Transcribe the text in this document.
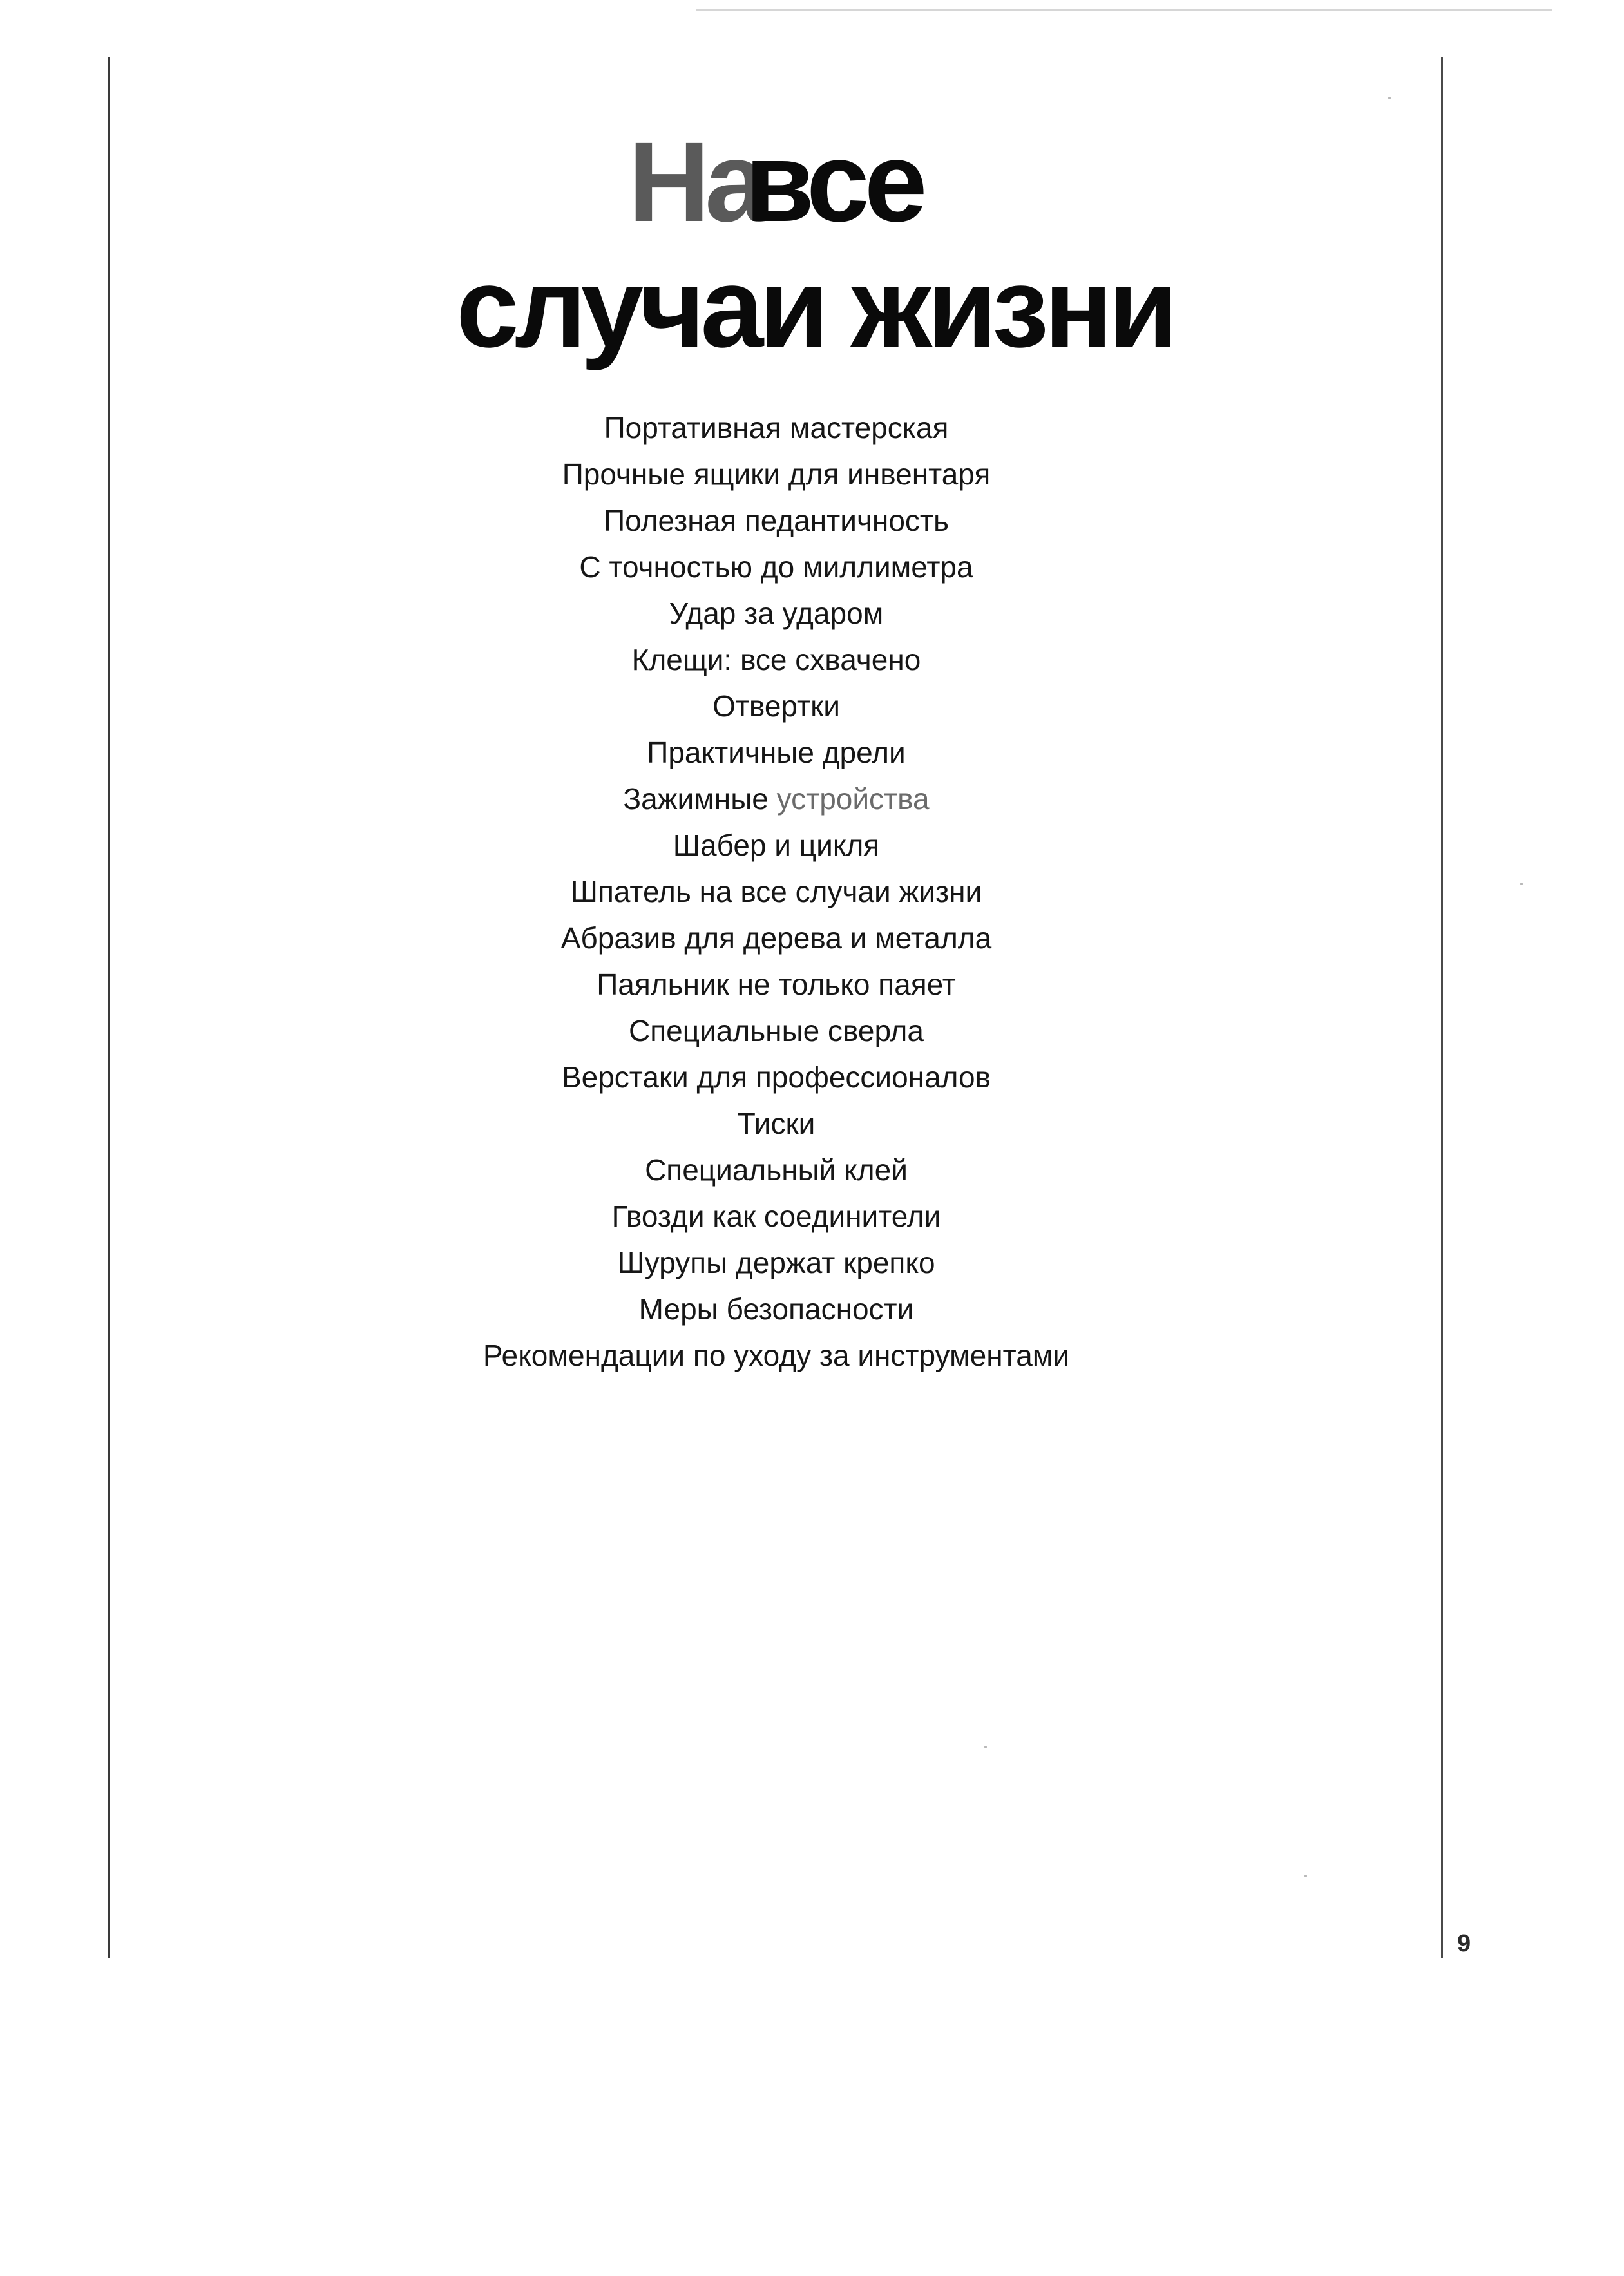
Навсе
случаи жизни
Портативная мастерская
Прочные ящики для инвентаря
Полезная педантичность
С точностью до миллиметра
Удар за ударом
Клещи: все схвачено
Отвертки
Практичные дрели
Зажимные устройства
Шабер и цикля
Шпатель на все случаи жизни
Абразив для дерева и металла
Паяльник не только паяет
Специальные сверла
Верстаки для профессионалов
Тиски
Специальный клей
Гвозди как соединители
Шурупы держат крепко
Меры безопасности
Рекомендации по уходу за инструментами
9
